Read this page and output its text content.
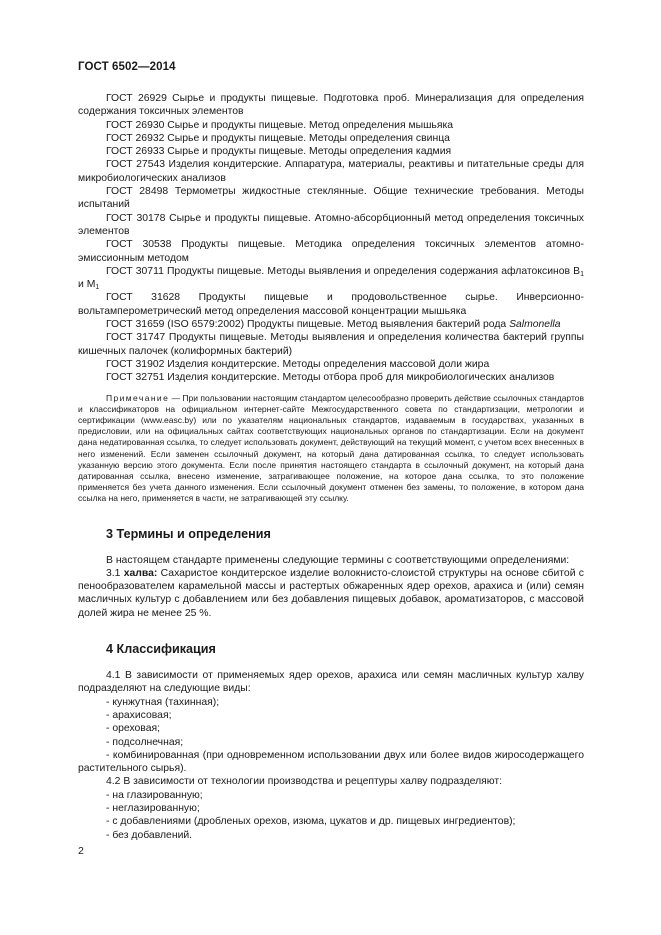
ГОСТ 6502—2014

ГОСТ 26929 Сырье и продукты пищевые. Подготовка проб. Минерализация для определения содержания токсичных элементов

ГОСТ 26930 Сырье и продукты пищевые. Метод определения мышьяка

ГОСТ 26932 Сырье и продукты пищевые. Методы определения свинца

ГОСТ 26933 Сырье и продукты пищевые. Методы определения кадмия

ГОСТ 27543 Изделия кондитерские. Аппаратура, материалы, реактивы и питательные среды для микробиологических анализов

ГОСТ 28498 Термометры жидкостные стеклянные. Общие технические требования. Методы испытаний

ГОСТ 30178 Сырье и продукты пищевые. Атомно-абсорбционный метод определения токсичных элементов

ГОСТ 30538 Продукты пищевые. Методика определения токсичных элементов атомно-эмиссионным методом

ГОСТ 30711 Продукты пищевые. Методы выявления и определения содержания афлатоксинов $B_1$ и $M_1$

ГОСТ 31628 Продукты пищевые и продовольственное сырье. Инверсионно-вольтамперометрический метод определения массовой концентрации мышьяка

ГОСТ 31659 (ISO 6579:2002) Продукты пищевые. Метод выявления бактерий рода Salmonella

ГОСТ 31747 Продукты пищевые. Методы выявления и определения количества бактерий группы кишечных палочек (колиформных бактерий)

ГОСТ 31902 Изделия кондитерские. Методы определения массовой доли жира

ГОСТ 32751 Изделия кондитерские. Методы отбора проб для микробиологических анализов

Примечание — При пользовании настоящим стандартом целесообразно проверить действие ссылочных стандартов и классификаторов на официальном интернет-сайте Межгосударственного совета по стандартизации, метрологии и сертификации (www.easc.by) или по указателям национальных стандартов, издаваемым в государствах, указанных в предисловии, или на официальных сайтах соответствующих национальных органов по стандартизации. Если на документ дана недатированная ссылка, то следует использовать документ, действующий на текущий момент, с учетом всех внесенных в него изменений. Если заменен ссылочный документ, на который дана датированная ссылка, то следует использовать указанную версию этого документа. Если после принятия настоящего стандарта в ссылочный документ, на который дана датированная ссылка, внесено изменение, затрагивающее положение, на которое дана ссылка, то это положение применяется без учета данного изменения. Если ссылочный документ отменен без замены, то положение, в котором дана ссылка на него, применяется в части, не затрагивающей эту ссылку.

3 Термины и определения

В настоящем стандарте применены следующие термины с соответствующими определениями:

3.1 халва: Сахаристое кондитерское изделие волокнисто-слоистой структуры на основе сбитой с пенообразователем карамельной массы и растертых обжаренных ядер орехов, арахиса и (или) семян масличных культур с добавлением или без добавления пищевых добавок, ароматизаторов, с массовой долей жира не менее 25 %.

4 Классификация

4.1 В зависимости от применяемых ядер орехов, арахиса или семян масличных культур халву подразделяют на следующие виды:

- кунжутная (тахинная);

- арахисовая;

- ореховая;

- подсолнечная;

- комбинированная (при одновременном использовании двух или более видов жиросодержащего растительного сырья).

4.2 В зависимости от технологии производства и рецептуры халву подразделяют:

- на глазированную;

- неглазированную;

- с добавлениями (дробленых орехов, изюма, цукатов и др. пищевых ингредиентов);

- без добавлений.

2
